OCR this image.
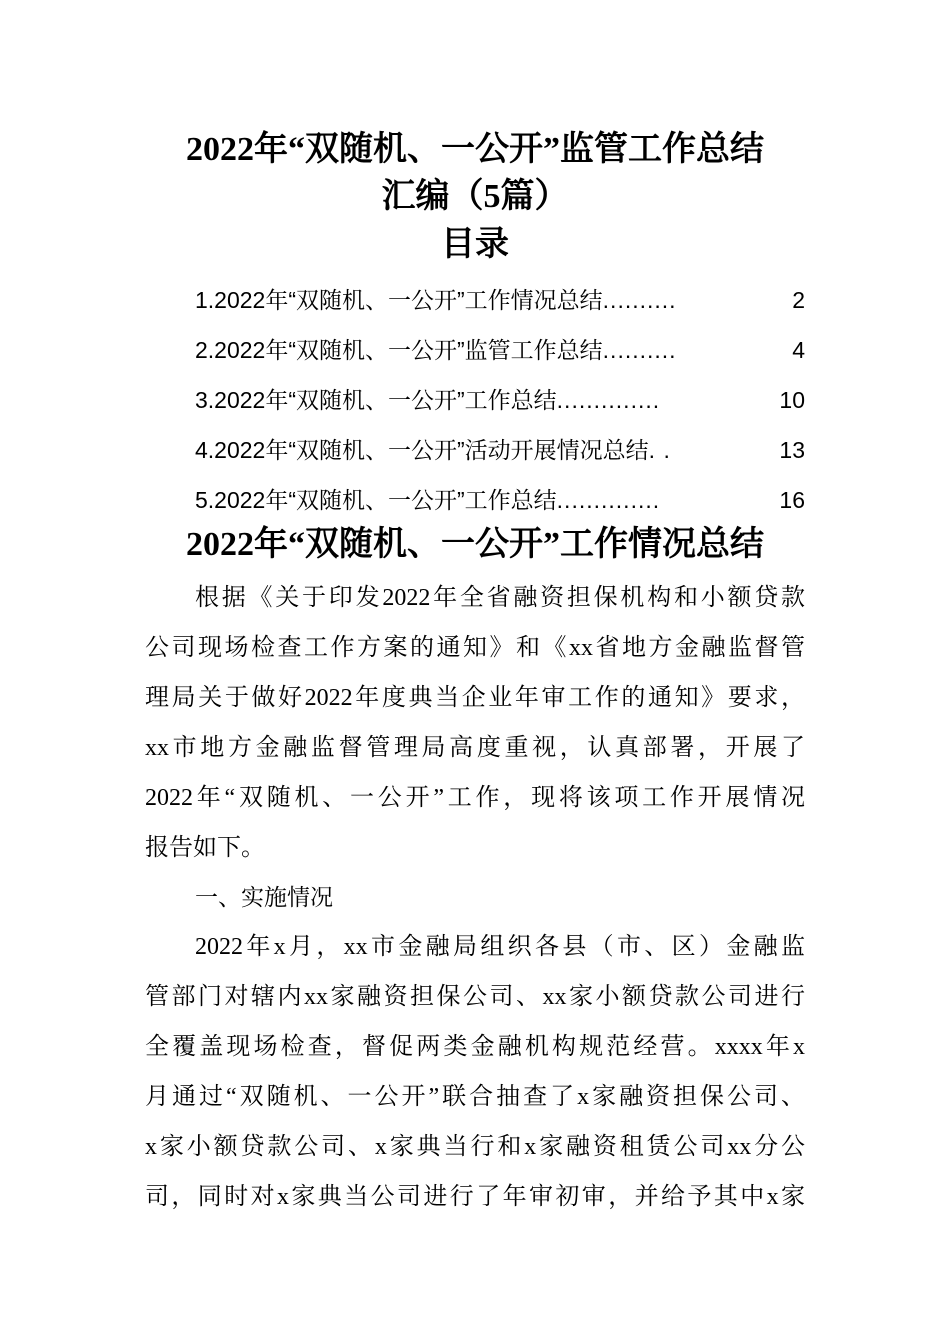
2022年“双随机、一公开”监管工作总结
汇编（5篇）
目录
1.2022年“双随机、一公开”工作情况总结 ..........	2
2.2022年“双随机、一公开”监管工作总结 ..........	4
3.2022年“双随机、一公开”工作总结 ..............	10
4.2022年“双随机、一公开”活动开展情况总结 . .	13
5.2022年“双随机、一公开”工作总结 ..............	16
2022年“双随机、一公开”工作情况总结
根据《关于印发2022年全省融资担保机构和小额贷款
公司现场检查工作方案的通知》和《xx省地方金融监督管
理局关于做好2022年度典当企业年审工作的通知》要求，
xx市地方金融监督管理局高度重视，认真部署，开展了
2022年“双随机、一公开”工作，现将该项工作开展情况
报告如下。
一、实施情况
2022年x月，xx市金融局组织各县（市、区）金融监
管部门对辖内xx家融资担保公司、xx家小额贷款公司进行
全覆盖现场检查，督促两类金融机构规范经营。xxxx年x
月通过“双随机、一公开”联合抽查了x家融资担保公司、
x家小额贷款公司、x家典当行和x家融资租赁公司xx分公
司，同时对x家典当公司进行了年审初审，并给予其中x家
